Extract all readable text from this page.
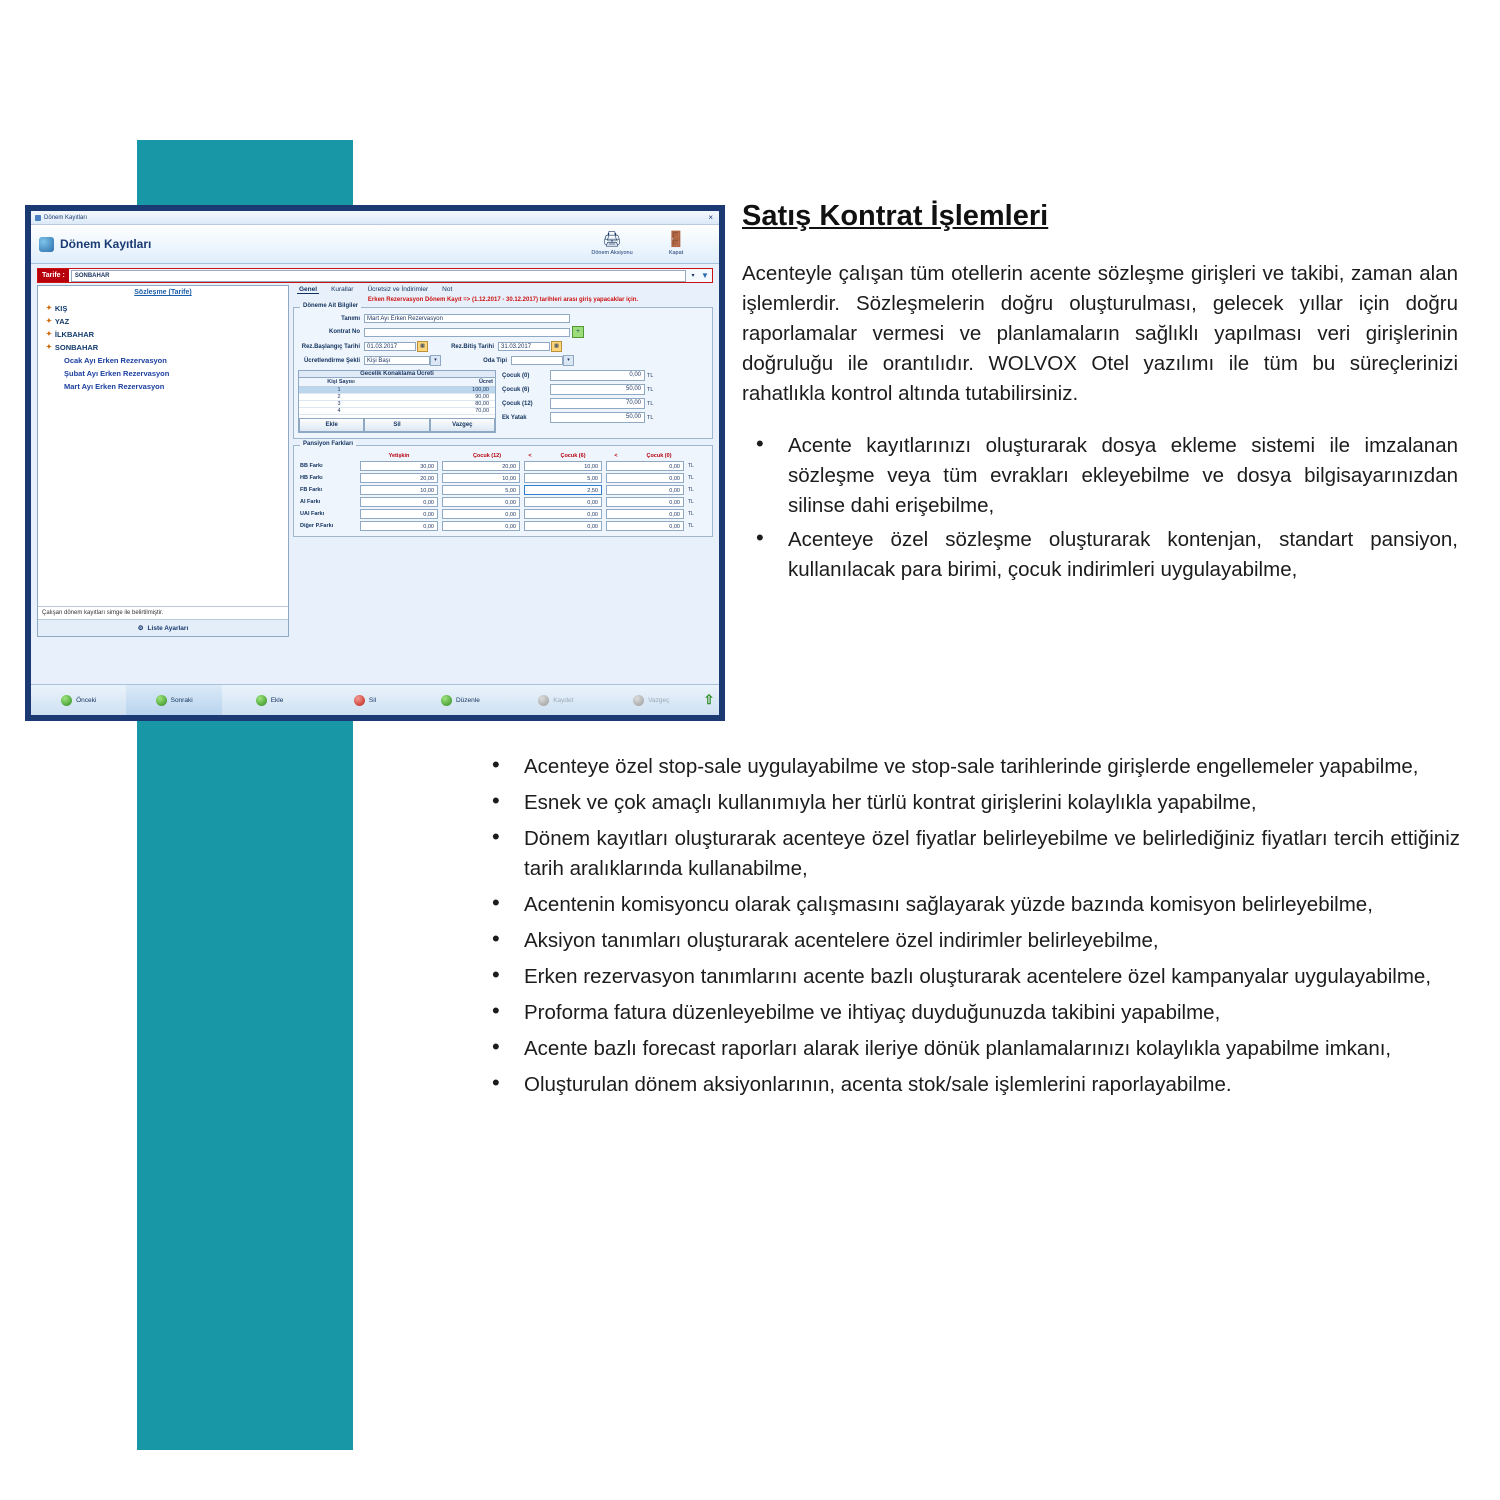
Dönem Kayıtları	×
Dönem Kayıtları	🖨
Dönem Aksiyonu
🚪
Kapat
Tarife :	SONBAHAR	▾ ▼
Sözleşme (Tarife)
✦ KIŞ
✦ YAZ
✦ İLKBAHAR
✦ SONBAHAR
Ocak Ayı Erken Rezervasyon
Şubat Ayı Erken Rezervasyon
Mart Ayı Erken Rezervasyon
Çalışan dönem kayıtları simge ile belirtilmiştir.
⚙ Liste Ayarları
Genel	Kurallar	Ücretsiz ve İndirimler	Not
Erken Rezervasyon Dönem Kayıt => (1.12.2017 - 30.12.2017) tarihleri arası giriş yapacaklar için.
Döneme Ait Bilgiler
Tanımı	Mart Ayı Erken Rezervasyon
Kontrat No	+
Rez.Başlangıç Tarihi	01.03.2017	▦	Rez.Bitiş Tarihi	31.03.2017	▦
Ücretlendirme Şekli	Kişi Başı	▾	Oda Tipi	▾
Gecelik Konaklama Ücreti
Kişi Sayısı	Ücret
1	100,00
2	90,00
3	80,00
4	70,00
Ekle	Sil	Vazgeç
Çocuk (0)	0,00	TL
Çocuk (6)	50,00	TL
Çocuk (12)	70,00	TL
Ek Yatak	50,00	TL
Pansiyon Farkları
Yetişkin	Çocuk (12)	<	Çocuk (6)	<	Çocuk (0)
BB Farkı	30,00	20,00	10,00	0,00	TL
HB Farkı	20,00	10,00	5,00	0,00	TL
FB Farkı	10,00	5,00	2,50	0,00	TL
AI Farkı	0,00	0,00	0,00	0,00	TL
UAI Farkı	0,00	0,00	0,00	0,00	TL
Diğer P.Farkı	0,00	0,00	0,00	0,00	TL
Önceki	Sonraki	Ekle	Sil	Düzenle	Kaydet	Vazgeç	⇧
Satış Kontrat İşlemleri

Acenteyle çalışan tüm otellerin acente sözleşme girişleri ve takibi, zaman alan işlemlerdir. Sözleşmelerin doğru oluşturulması, gelecek yıllar için doğru raporlamalar vermesi ve planlamaların sağlıklı yapılması veri girişlerinin doğruluğu ile orantılıdır. WOLVOX Otel yazılımı ile tüm bu süreçlerinizi rahatlıkla kontrol altında tutabilirsiniz.

• Acente kayıtlarınızı oluşturarak dosya ekleme sistemi ile imzalanan sözleşme veya tüm evrakları ekleyebilme ve dosya bilgisayarınızdan silinse dahi erişebilme,
• Acenteye özel sözleşme oluşturarak kontenjan, standart pansiyon, kullanılacak para birimi, çocuk indirimleri uygulayabilme,
• Acenteye özel stop-sale uygulayabilme ve stop-sale tarihlerinde girişlerde engellemeler yapabilme,
• Esnek ve çok amaçlı kullanımıyla her türlü kontrat girişlerini kolaylıkla yapabilme,
• Dönem kayıtları oluşturarak acenteye özel fiyatlar belirleyebilme ve belirlediğiniz fiyatları tercih ettiğiniz tarih aralıklarında kullanabilme,
• Acentenin komisyoncu olarak çalışmasını sağlayarak yüzde bazında komisyon belirleyebilme,
• Aksiyon tanımları oluşturarak acentelere özel indirimler belirleyebilme,
• Erken rezervasyon tanımlarını acente bazlı oluşturarak acentelere özel kampanyalar uygulayabilme,
• Proforma fatura düzenleyebilme ve ihtiyaç duyduğunuzda takibini yapabilme,
• Acente bazlı forecast raporları alarak ileriye dönük planlamalarınızı kolaylıkla yapabilme imkanı,
• Oluşturulan dönem aksiyonlarının, acenta stok/sale işlemlerini raporlayabilme.
